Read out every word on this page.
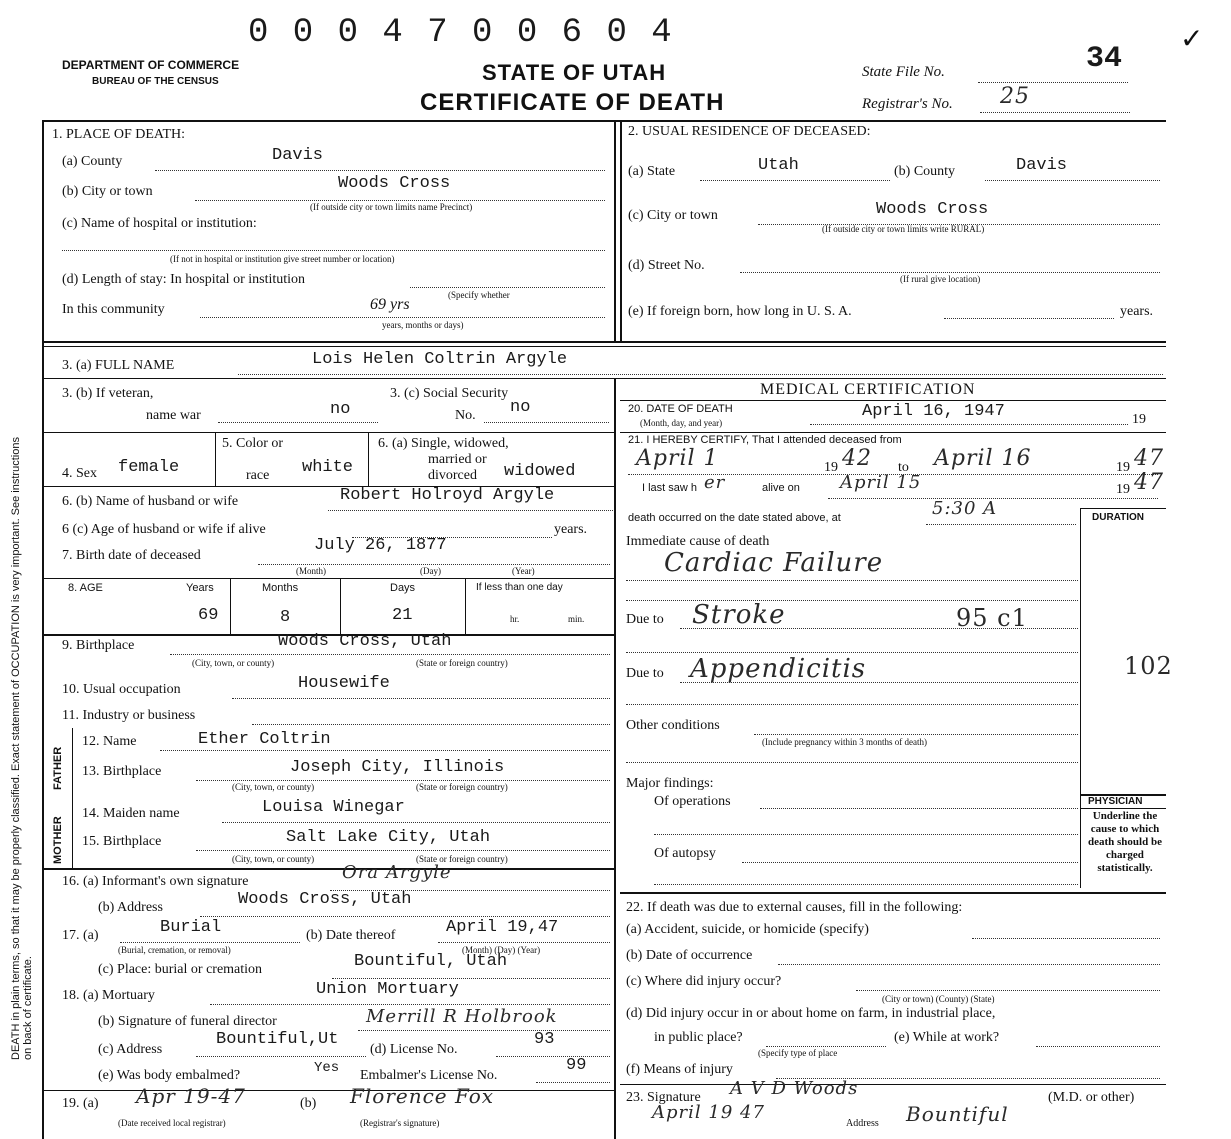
DEATH in plain terms, so that it may be properly classified. Exact statement of OCCUPATION is very important. See instructions on back of certificate.
0 0 0 4 7 0 0 6 0 4
DEPARTMENT OF COMMERCE
BUREAU OF THE CENSUS	STATE OF UTAH
CERTIFICATE OF DEATH
State File No.	34
Registrar's No. 25
✓
1. PLACE OF DEATH:
(a) County	Davis
(b) City or town	Woods Cross
(If outside city or town limits name Precinct)
(c) Name of hospital or institution:
(If not in hospital or institution give street number or location)
(d) Length of stay: In hospital or institution
(Specify whether
In this community	69 yrs
years, months or days)
2. USUAL RESIDENCE OF DECEASED:
(a) State	Utah	(b) County	Davis
(c) City or town	Woods Cross
(If outside city or town limits write RURAL)
(d) Street No.
(If rural give location)
(e) If foreign born, how long in U. S. A.	years.
3. (a) FULL NAME	Lois Helen Coltrin Argyle
MEDICAL CERTIFICATION
3. (b) If veteran,
name war	no
3. (c) Social Security
No. no
4. Sex female
5. Color or
race white
6. (a) Single, widowed,
married or
divorced widowed
6. (b) Name of husband or wife	Robert Holroyd Argyle
6 (c) Age of husband or wife if alive	years.
7. Birth date of deceased
July 26, 1877
(Month)	(Day)	(Year)
8. AGE	Years	Months	Days	If less than one day
69	8	21	hr.	min.
9. Birthplace	Woods Cross, Utah
(City, town, or county)	(State or foreign country)
10. Usual occupation	Housewife
11. Industry or business
FATHER
MOTHER
12. Name	Ether Coltrin
13. Birthplace	Joseph City, Illinois
(City, town, or county)	(State or foreign country)
14. Maiden name	Louisa Winegar
15. Birthplace	Salt Lake City, Utah
(City, town, or county)	(State or foreign country)
16. (a) Informant's own signature	Ora Argyle
(b) Address	Woods Cross, Utah
17. (a)	Burial
(Burial, cremation, or removal)
(b) Date thereof	April 19,47
(Month) (Day) (Year)
(c) Place: burial or cremation	Bountiful, Utah
18. (a) Mortuary	Union Mortuary
(b) Signature of funeral director	Merrill R Holbrook
(c) Address
Bountiful,Ut
(d) License No.
93
(e) Was body embalmed?	Yes Embalmer's License No.
99
19. (a) Apr 19-47	(b) Florence Fox
(Date received local registrar)	(Registrar's signature)
20. DATE OF DEATH
(Month, day, and year)
April 16, 1947	19
21. I HEREBY CERTIFY, That I attended deceased from
April 1	19 42 to April 16	19 47
I last saw h er	alive on April 15	19 47
death occurred on the date stated above, at	5:30 A	DURATION
Immediate cause of death
Cardiac Failure
Due to Stroke	95 c1
Due to Appendicitis	102
Other conditions
(Include pregnancy within 3 months of death)
Major findings:
Of operations
Of autopsy
PHYSICIAN
Underline the cause to which death should be charged statistically.
22. If death was due to external causes, fill in the following:
(a) Accident, suicide, or homicide (specify)
(b) Date of occurrence
(c) Where did injury occur?
(City or town) (County) (State)
(d) Did injury occur in or about home on farm, in industrial place,
in public place?
(Specify type of place
(e) While at work?
(f) Means of injury
23. Signature A V D Woods	(M.D. or other)
April 19 47
Address Bountiful
